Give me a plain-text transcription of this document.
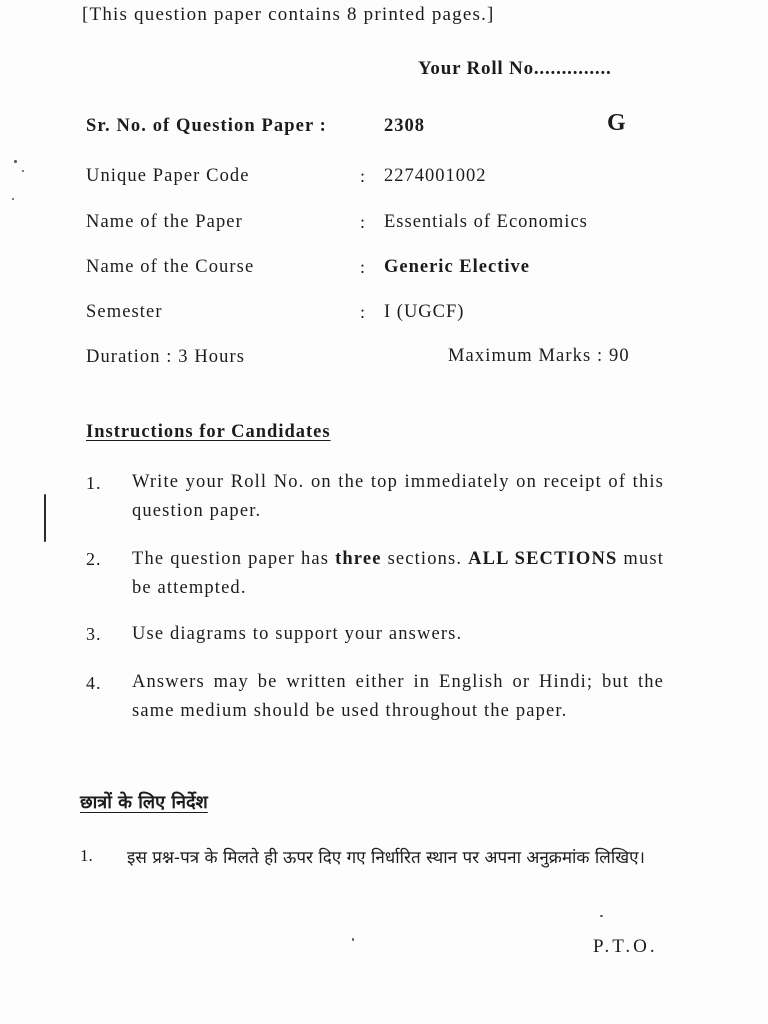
[This question paper contains 8 printed pages.]
Your Roll No..............
Sr. No. of Question Paper :	2308	G
Unique Paper Code	: 2274001002
Name of the Paper	: Essentials of Economics
Name of the Course	: Generic Elective
Semester	: I (UGCF)
Duration : 3 Hours	Maximum Marks : 90
Instructions for Candidates
1. Write your Roll No. on the top immediately on receipt of this question paper.
2. The question paper has three sections. ALL SECTIONS must be attempted.
3. Use diagrams to support your answers.
4. Answers may be written either in English or Hindi; but the same medium should be used throughout the paper.
छात्रों के लिए निर्देश
1. इस प्रश्न-पत्र के मिलते ही ऊपर दिए गए निर्धारित स्थान पर अपना अनुक्रमांक लिखिए।
P.T.O.
